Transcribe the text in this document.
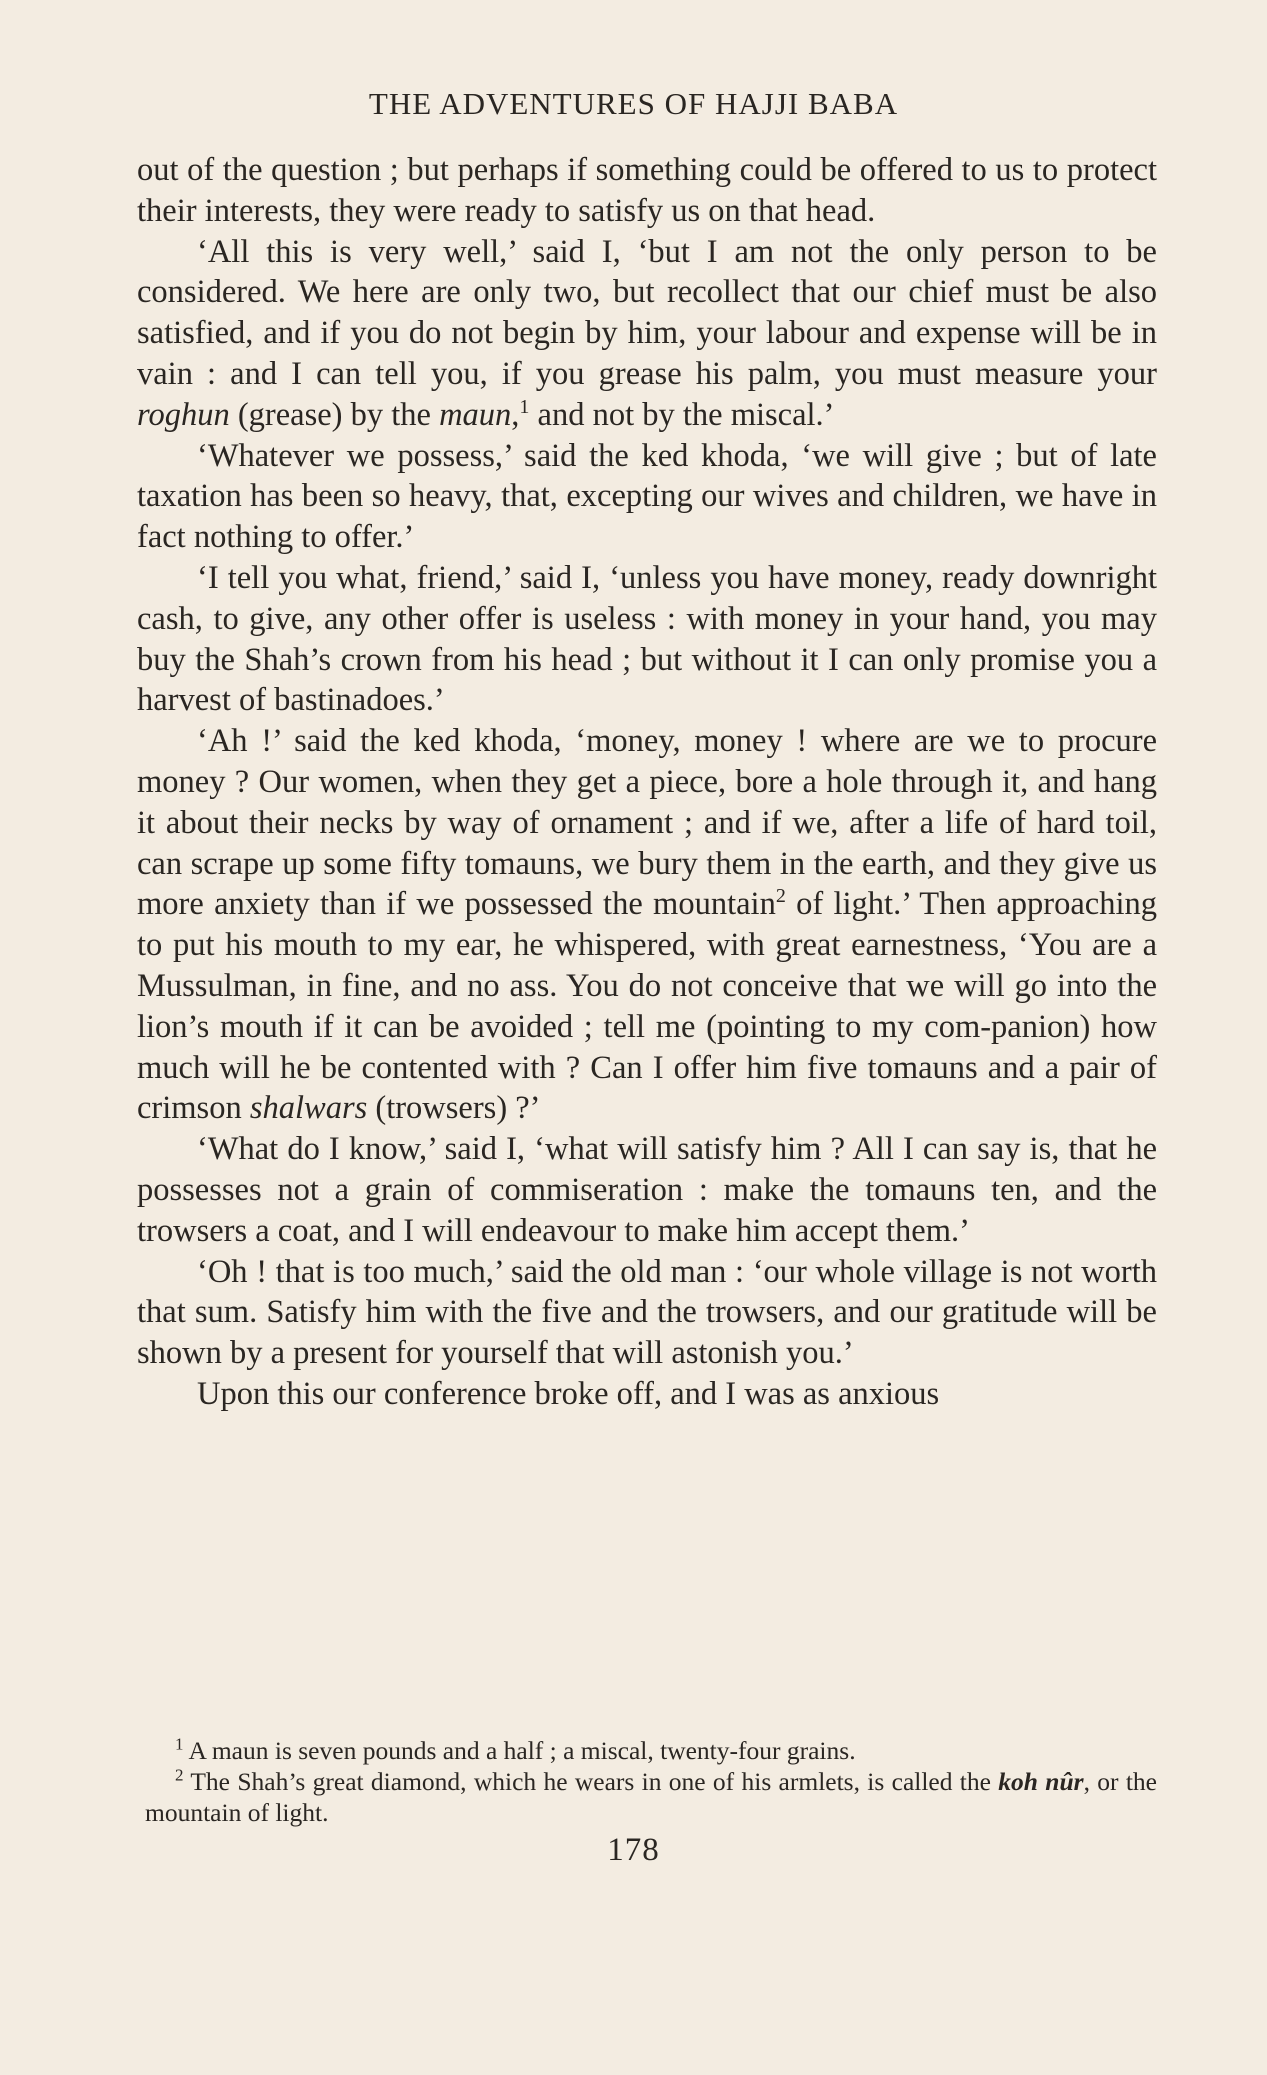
THE ADVENTURES OF HAJJI BABA

out of the question ; but perhaps if something could be offered to us to protect their interests, they were ready to satisfy us on that head.

‘All this is very well,’ said I, ‘but I am not the only person to be considered. We here are only two, but recollect that our chief must be also satisfied, and if you do not begin by him, your labour and expense will be in vain : and I can tell you, if you grease his palm, you must measure your roghun (grease) by the maun,$^1$ and not by the miscal.’

‘Whatever we possess,’ said the ked khoda, ‘we will give ; but of late taxation has been so heavy, that, excepting our wives and children, we have in fact nothing to offer.’

‘I tell you what, friend,’ said I, ‘unless you have money, ready downright cash, to give, any other offer is useless : with money in your hand, you may buy the Shah’s crown from his head ; but without it I can only promise you a harvest of bastinadoes.’

‘Ah !’ said the ked khoda, ‘money, money ! where are we to procure money ? Our women, when they get a piece, bore a hole through it, and hang it about their necks by way of ornament ; and if we, after a life of hard toil, can scrape up some fifty tomauns, we bury them in the earth, and they give us more anxiety than if we possessed the mountain$^2$ of light.’ Then approaching to put his mouth to my ear, he whispered, with great earnestness, ‘You are a Mussulman, in fine, and no ass. You do not conceive that we will go into the lion’s mouth if it can be avoided ; tell me (pointing to my com-panion) how much will he be contented with ? Can I offer him five tomauns and a pair of crimson shalwars (trowsers) ?’

‘What do I know,’ said I, ‘what will satisfy him ? All I can say is, that he possesses not a grain of commiseration : make the tomauns ten, and the trowsers a coat, and I will endeavour to make him accept them.’

‘Oh ! that is too much,’ said the old man : ‘our whole village is not worth that sum. Satisfy him with the five and the trowsers, and our gratitude will be shown by a present for yourself that will astonish you.’

Upon this our conference broke off, and I was as anxious

$^1$ A maun is seven pounds and a half ; a miscal, twenty-four grains.

$^2$ The Shah’s great diamond, which he wears in one of his armlets, is called the koh nûr, or the mountain of light.

178
